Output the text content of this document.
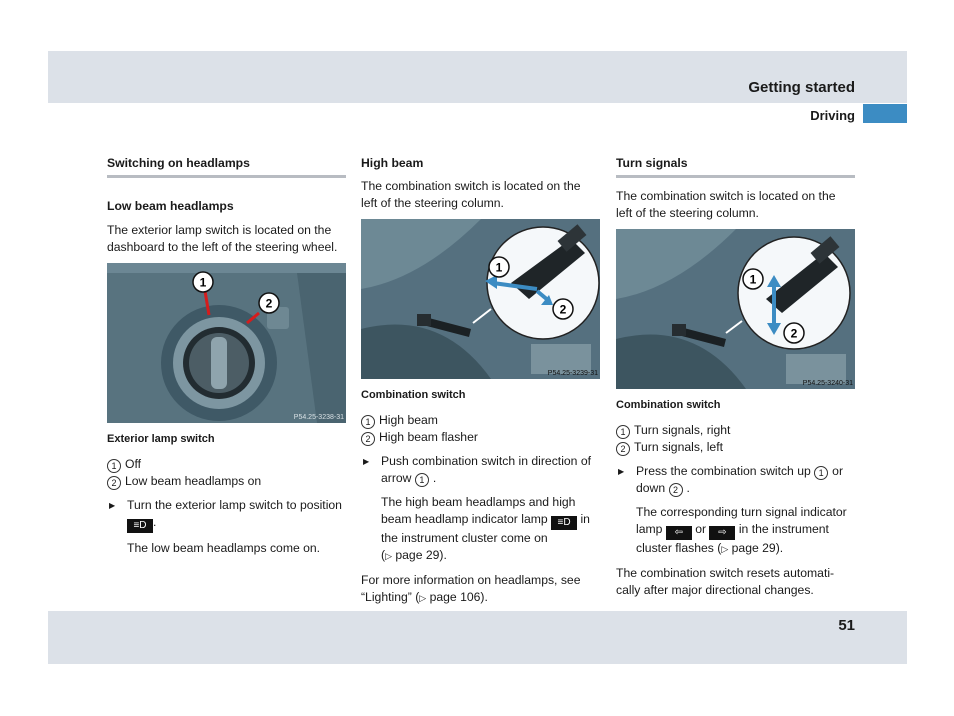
Getting started
Driving
Switching on headlamps
Low beam headlamps

The exterior lamp switch is located on the dashboard to the left of the steering wheel.

1
2
P54.25-3238-31
Exterior lamp switch
1 Off
2 Low beam headlamps on
▶ Turn the exterior lamp switch to position ≡D .

The low beam headlamps come on.

High beam

The combination switch is located on the left of the steering column.

1
2
P54.25-3239-31
Combination switch
1 High beam
2 High beam flasher
▶ Push combination switch in direction of arrow 1 .

The high beam headlamps and high beam headlamp indicator lamp ≡D in the instrument cluster come on
(▷ page 29).

For more information on headlamps, see “Lighting” (▷ page 106).

Turn signals

The combination switch is located on the left of the steering column.

1
2
P54.25-3240-31
Combination switch
1 Turn signals, right
2 Turn signals, left
▶ Press the combination switch up 1 or down 2 .

The corresponding turn signal indicator lamp ⇦ or ⇨ in the instrument cluster flashes (▷ page 29).

The combination switch resets automati-cally after major directional changes.

51
